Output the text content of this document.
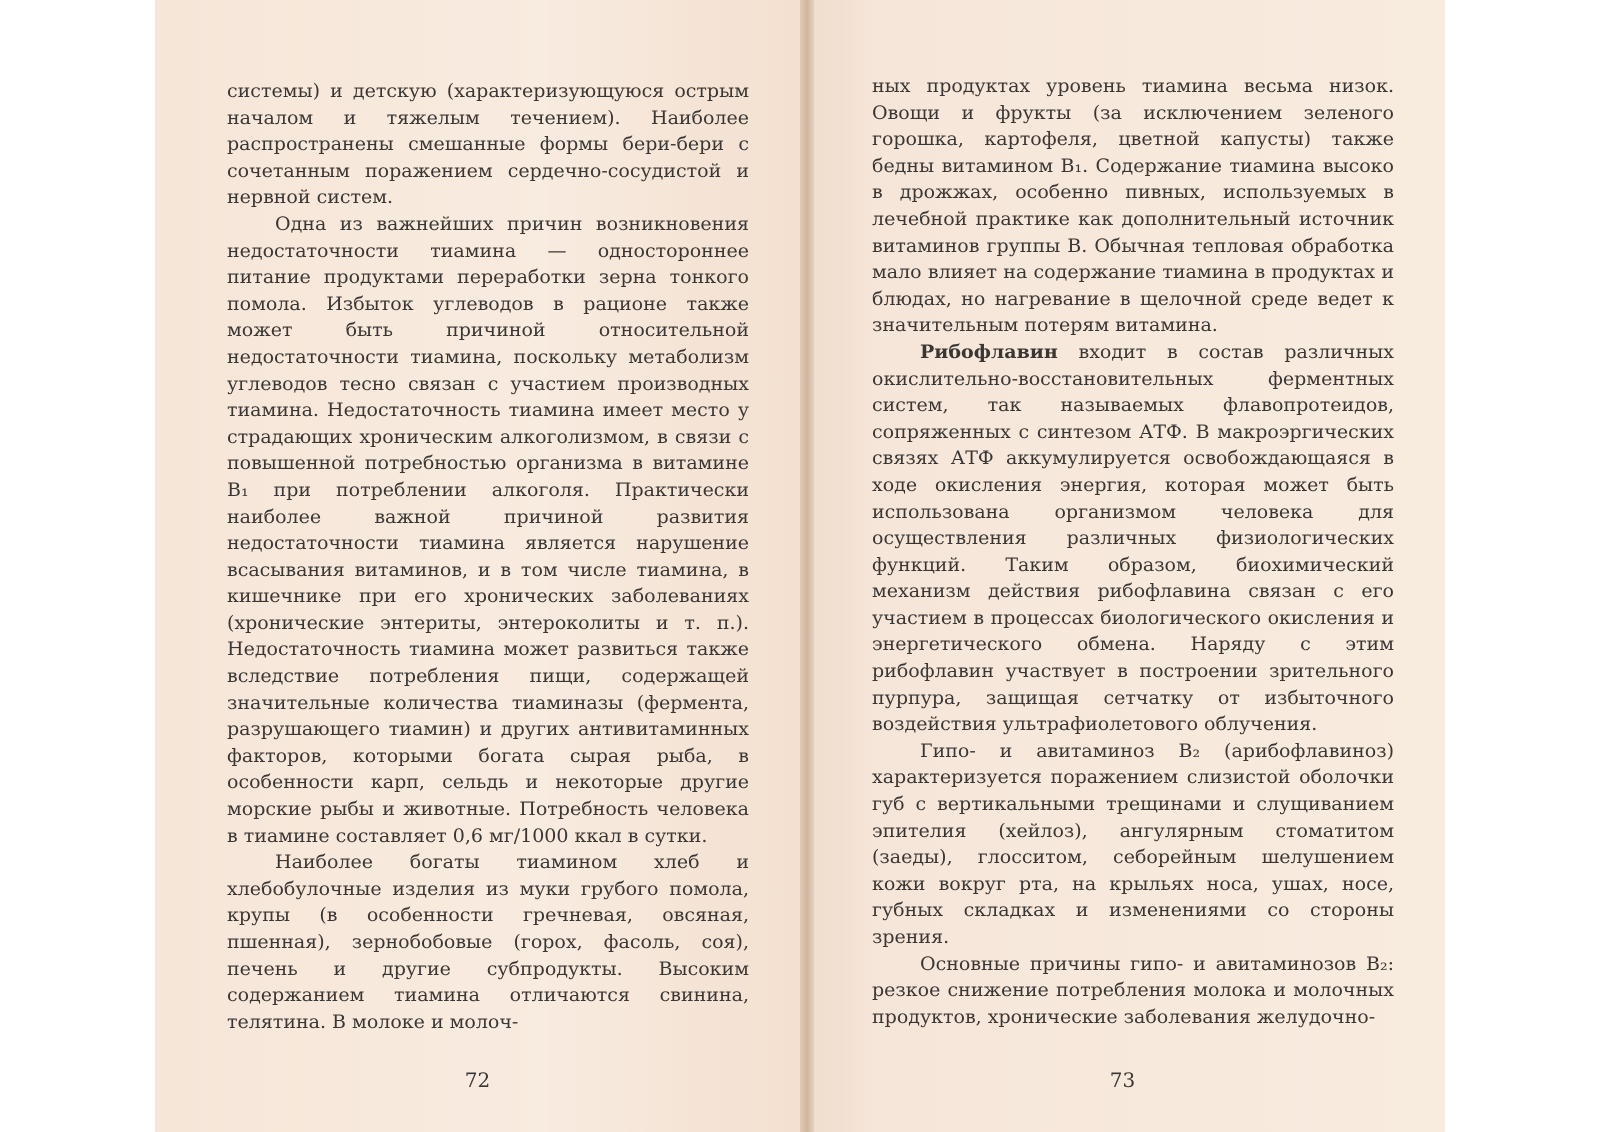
системы) и детскую (характеризующуюся острым началом и тяжелым течением). Наиболее распространены смешанные формы бери-бери с сочетанным поражением сердечно-сосудистой и нервной систем.

Одна из важнейших причин возникновения недостаточности тиамина — одностороннее питание продуктами переработки зерна тонкого помола. Избыток углеводов в рационе также может быть причиной относительной недостаточности тиамина, поскольку метаболизм углеводов тесно связан с участием производных тиамина. Недостаточность тиамина имеет место у страдающих хроническим алкоголизмом, в связи с повышенной потребностью организма в витамине В₁ при потреблении алкоголя. Практически наиболее важной причиной развития недостаточности тиамина является нарушение всасывания витаминов, и в том числе тиамина, в кишечнике при его хронических заболеваниях (хронические энтериты, энтероколиты и т. п.). Недостаточность тиамина может развиться также вследствие потребления пищи, содержащей значительные количества тиаминазы (фермента, разрушающего тиамин) и других антивитаминных факторов, которыми богата сырая рыба, в особенности карп, сельдь и некоторые другие морские рыбы и животные. Потребность человека в тиамине составляет 0,6 мг/1000 ккал в сутки.

Наиболее богаты тиамином хлеб и хлебобулочные изделия из муки грубого помола, крупы (в особенности гречневая, овсяная, пшенная), зернобобовые (горох, фасоль, соя), печень и другие субпродукты. Высоким содержанием тиамина отличаются свинина, телятина. В молоке и молоч-

72

ных продуктах уровень тиамина весьма низок. Овощи и фрукты (за исключением зеленого горошка, картофеля, цветной капусты) также бедны витамином В₁. Содержание тиамина высоко в дрожжах, особенно пивных, используемых в лечебной практике как дополнительный источник витаминов группы В. Обычная тепловая обработка мало влияет на содержание тиамина в продуктах и блюдах, но нагревание в щелочной среде ведет к значительным потерям витамина.

Рибофлавин входит в состав различных окислительно-восстановительных ферментных систем, так называемых флавопротеидов, сопряженных с синтезом АТФ. В макроэргических связях АТФ аккумулируется освобождающаяся в ходе окисления энергия, которая может быть использована организмом человека для осуществления различных физиологических функций. Таким образом, биохимический механизм действия рибофлавина связан с его участием в процессах биологического окисления и энергетического обмена. Наряду с этим рибофлавин участвует в построении зрительного пурпура, защищая сетчатку от избыточного воздействия ультрафиолетового облучения.

Гипо- и авитаминоз В₂ (арибофлавиноз) характеризуется поражением слизистой оболочки губ с вертикальными трещинами и слущиванием эпителия (хейлоз), ангулярным стоматитом (заеды), глосситом, себорейным шелушением кожи вокруг рта, на крыльях носа, ушах, носе, губных складках и изменениями со стороны зрения.

Основные причины гипо- и авитаминозов В₂: резкое снижение потребления молока и молочных продуктов, хронические заболевания желудочно-

73
